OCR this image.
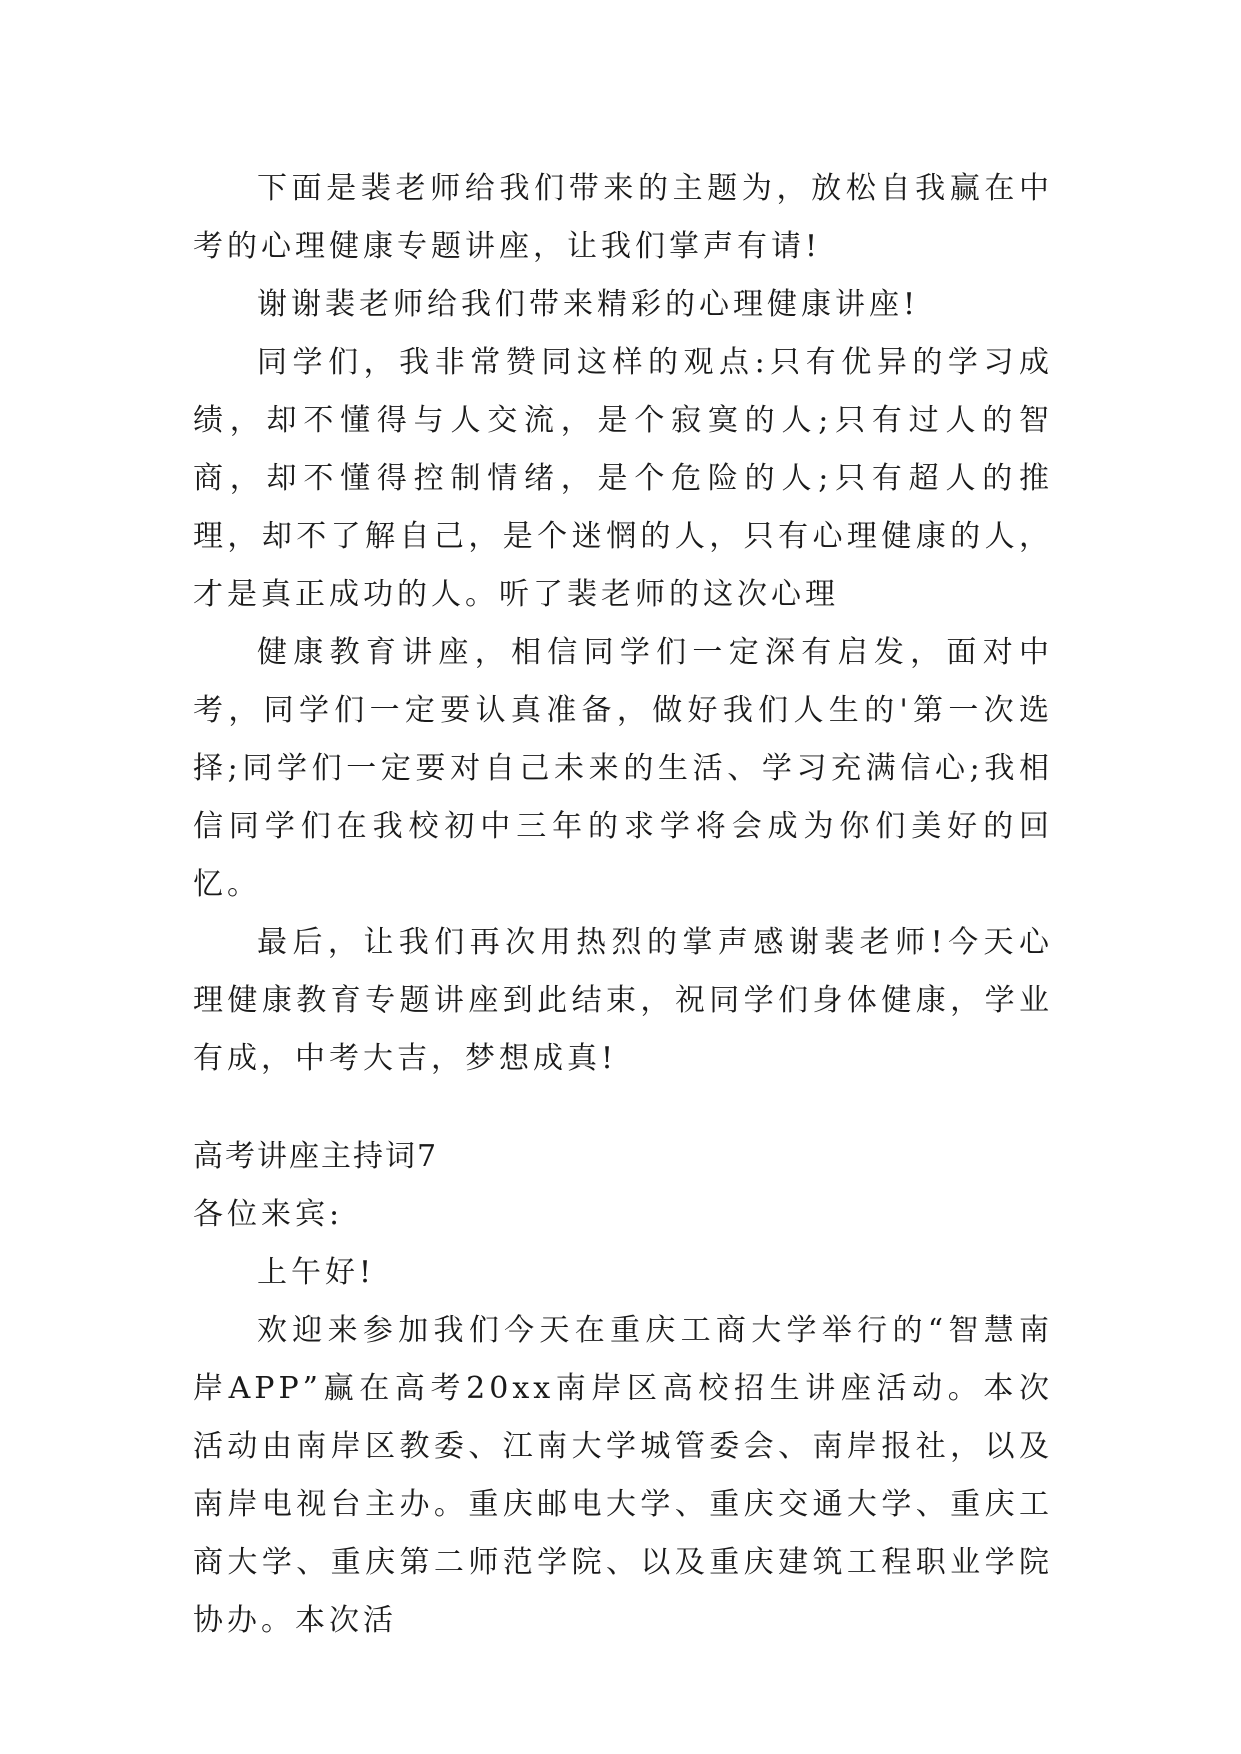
下面是裴老师给我们带来的主题为，放松自我赢在中考的心理健康专题讲座，让我们掌声有请!

谢谢裴老师给我们带来精彩的心理健康讲座!

同学们，我非常赞同这样的观点:只有优异的学习成绩，却不懂得与人交流，是个寂寞的人;只有过人的智商，却不懂得控制情绪，是个危险的人;只有超人的推理，却不了解自己，是个迷惘的人，只有心理健康的人，才是真正成功的人。听了裴老师的这次心理

健康教育讲座，相信同学们一定深有启发，面对中考，同学们一定要认真准备，做好我们人生的'第一次选择;同学们一定要对自己未来的生活、学习充满信心;我相信同学们在我校初中三年的求学将会成为你们美好的回忆。

最后，让我们再次用热烈的掌声感谢裴老师!今天心理健康教育专题讲座到此结束，祝同学们身体健康，学业有成，中考大吉，梦想成真!

高考讲座主持词7

各位来宾:

上午好!

欢迎来参加我们今天在重庆工商大学举行的“智慧南岸APP”赢在高考20xx南岸区高校招生讲座活动。本次活动由南岸区教委、江南大学城管委会、南岸报社，以及南岸电视台主办。重庆邮电大学、重庆交通大学、重庆工商大学、重庆第二师范学院、以及重庆建筑工程职业学院协办。本次活
